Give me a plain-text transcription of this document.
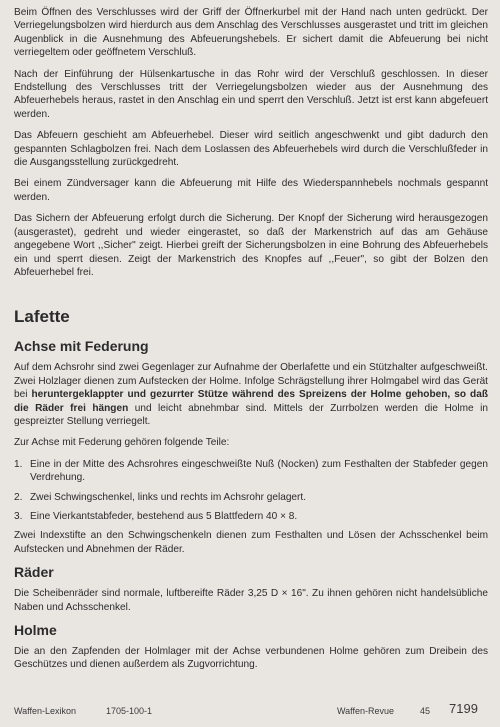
Beim Öffnen des Verschlusses wird der Griff der Öffnerkurbel mit der Hand nach unten gedrückt. Der Verriegelungsbolzen wird hierdurch aus dem Anschlag des Verschlusses ausgerastet und tritt im gleichen Augenblick in die Ausnehmung des Abfeuerungshebels. Er sichert damit die Abfeuerung bei nicht verriegeltem oder geöffnetem Verschluß.

Nach der Einführung der Hülsenkartusche in das Rohr wird der Verschluß geschlossen. In dieser Endstellung des Verschlusses tritt der Verriegelungsbolzen wieder aus der Ausnehmung des Abfeuerhebels heraus, rastet in den Anschlag ein und sperrt den Verschluß. Jetzt ist erst kann abgefeuert werden.

Das Abfeuern geschieht am Abfeuerhebel. Dieser wird seitlich angeschwenkt und gibt dadurch den gespannten Schlagbolzen frei. Nach dem Loslassen des Abfeuerhebels wird durch die Verschlußfeder in die Ausgangsstellung zurückgedreht.

Bei einem Zündversager kann die Abfeuerung mit Hilfe des Wiederspannhebels nochmals gespannt werden.

Das Sichern der Abfeuerung erfolgt durch die Sicherung. Der Knopf der Sicherung wird herausgezogen (ausgerastet), gedreht und wieder eingerastet, so daß der Markenstrich auf das am Gehäuse angegebene Wort ,,Sicher" zeigt. Hierbei greift der Sicherungsbolzen in eine Bohrung des Abfeuerhebels ein und sperrt diesen. Zeigt der Markenstrich des Knopfes auf ,,Feuer", so gibt der Bolzen den Abfeuerhebel frei.

Lafette
Achse mit Federung

Auf dem Achsrohr sind zwei Gegenlager zur Aufnahme der Oberlafette und ein Stützhalter aufgeschweißt. Zwei Holzlager dienen zum Aufstecken der Holme. Infolge Schrägstellung ihrer Holmgabel wird das Gerät bei heruntergeklappter und gezurrter Stütze während des Spreizens der Holme gehoben, so daß die Räder frei hängen und leicht abnehmbar sind. Mittels der Zurrbolzen werden die Holme in gespreizter Stellung verriegelt.

Zur Achse mit Federung gehören folgende Teile:

1. Eine in der Mitte des Achsrohres eingeschweißte Nuß (Nocken) zum Festhalten der Stabfeder gegen Verdrehung.
2. Zwei Schwingschenkel, links und rechts im Achsrohr gelagert.
3. Eine Vierkantstabfeder, bestehend aus 5 Blattfedern 40 × 8.

Zwei Indexstifte an den Schwingschenkeln dienen zum Festhalten und Lösen der Achsschenkel beim Aufstecken und Abnehmen der Räder.

Räder

Die Scheibenräder sind normale, luftbereifte Räder 3,25 D × 16". Zu ihnen gehören nicht handelsübliche Naben und Achsschenkel.

Holme

Die an den Zapfenden der Holmlager mit der Achse verbundenen Holme gehören zum Dreibein des Geschützes und dienen außerdem als Zugvorrichtung.

Waffen-Lexikon	1705-100-1	Waffen-Revue	45 7199
